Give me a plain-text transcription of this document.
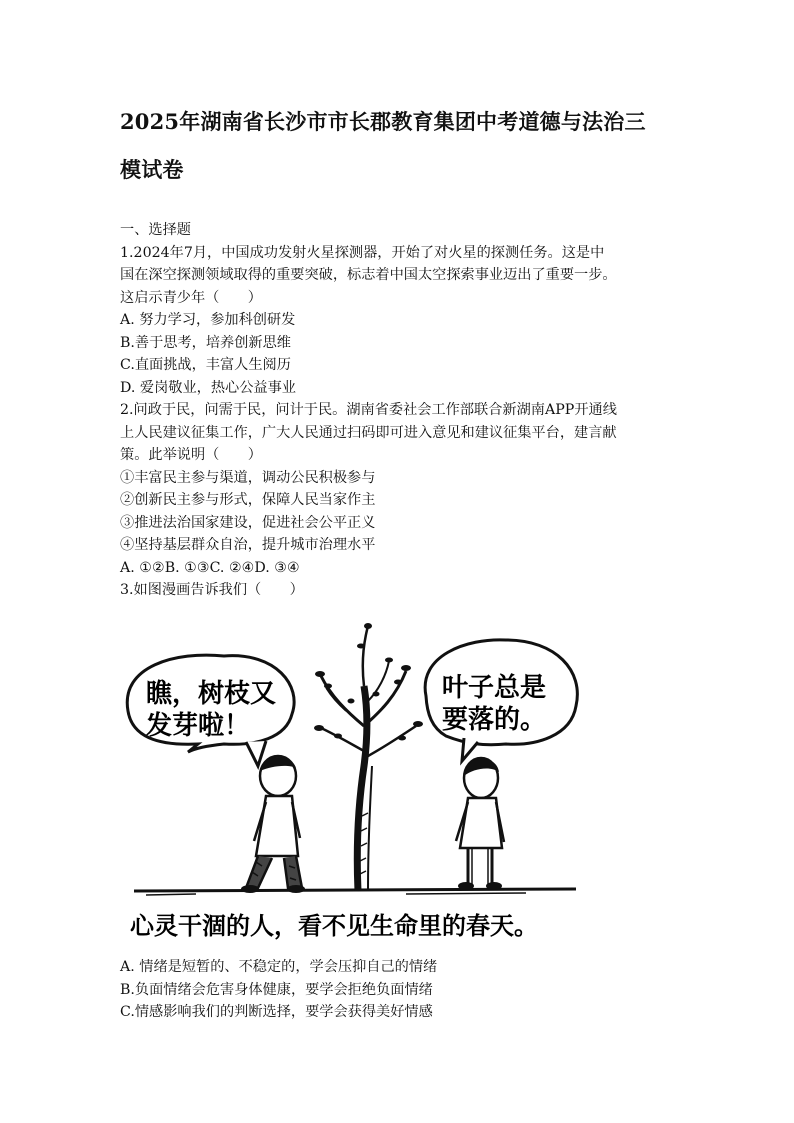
2025年湖南省长沙市市长郡教育集团中考道德与法治三
模试卷

一、选择题

1.2024年7月，中国成功发射火星探测器，开始了对火星的探测任务。这是中

国在深空探测领域取得的重要突破，标志着中国太空探索事业迈出了重要一步。

这启示青少年（　　）

A. 努力学习，参加科创研发

B.善于思考，培养创新思维

C.直面挑战，丰富人生阅历

D. 爱岗敬业，热心公益事业

2.问政于民，问需于民，问计于民。湖南省委社会工作部联合新湖南APP开通线

上人民建议征集工作，广大人民通过扫码即可进入意见和建议征集平台，建言献

策。此举说明（　　）

①丰富民主参与渠道，调动公民积极参与

②创新民主参与形式，保障人民当家作主

③推进法治国家建设，促进社会公平正义

④坚持基层群众自治，提升城市治理水平

A. ①②B. ①③C. ②④D. ③④

3.如图漫画告诉我们（　　）

瞧，树枝又
发芽啦！
叶子总是
要落的。
心灵干涸的人，看不见生命里的春天。

A. 情绪是短暂的、不稳定的，学会压抑自己的情绪

B.负面情绪会危害身体健康，要学会拒绝负面情绪

C.情感影响我们的判断选择，要学会获得美好情感
